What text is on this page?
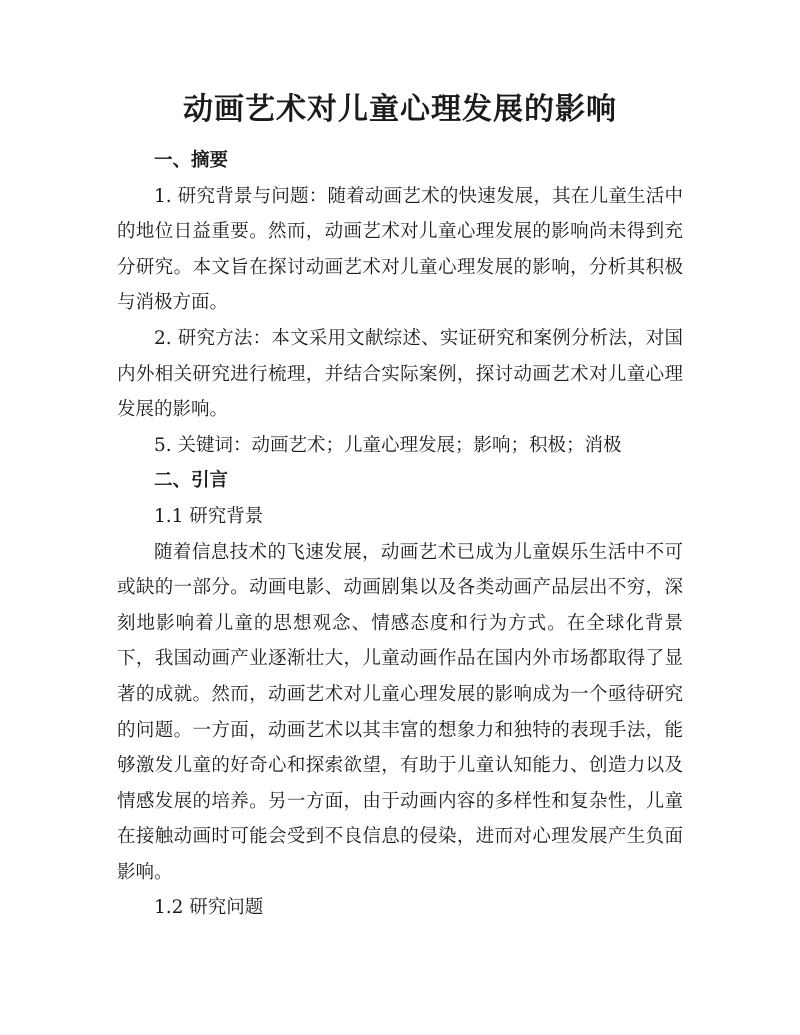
动画艺术对儿童心理发展的影响
一、摘要

1. 研究背景与问题：随着动画艺术的快速发展，其在儿童生活中的地位日益重要。然而，动画艺术对儿童心理发展的影响尚未得到充分研究。本文旨在探讨动画艺术对儿童心理发展的影响，分析其积极与消极方面。

2. 研究方法：本文采用文献综述、实证研究和案例分析法，对国内外相关研究进行梳理，并结合实际案例，探讨动画艺术对儿童心理发展的影响。

5. 关键词：动画艺术；儿童心理发展；影响；积极；消极

二、引言
1.1 研究背景

随着信息技术的飞速发展，动画艺术已成为儿童娱乐生活中不可或缺的一部分。动画电影、动画剧集以及各类动画产品层出不穷，深刻地影响着儿童的思想观念、情感态度和行为方式。在全球化背景下，我国动画产业逐渐壮大，儿童动画作品在国内外市场都取得了显著的成就。然而，动画艺术对儿童心理发展的影响成为一个亟待研究的问题。一方面，动画艺术以其丰富的想象力和独特的表现手法，能够激发儿童的好奇心和探索欲望，有助于儿童认知能力、创造力以及情感发展的培养。另一方面，由于动画内容的多样性和复杂性，儿童在接触动画时可能会受到不良信息的侵染，进而对心理发展产生负面影响。

1.2 研究问题
